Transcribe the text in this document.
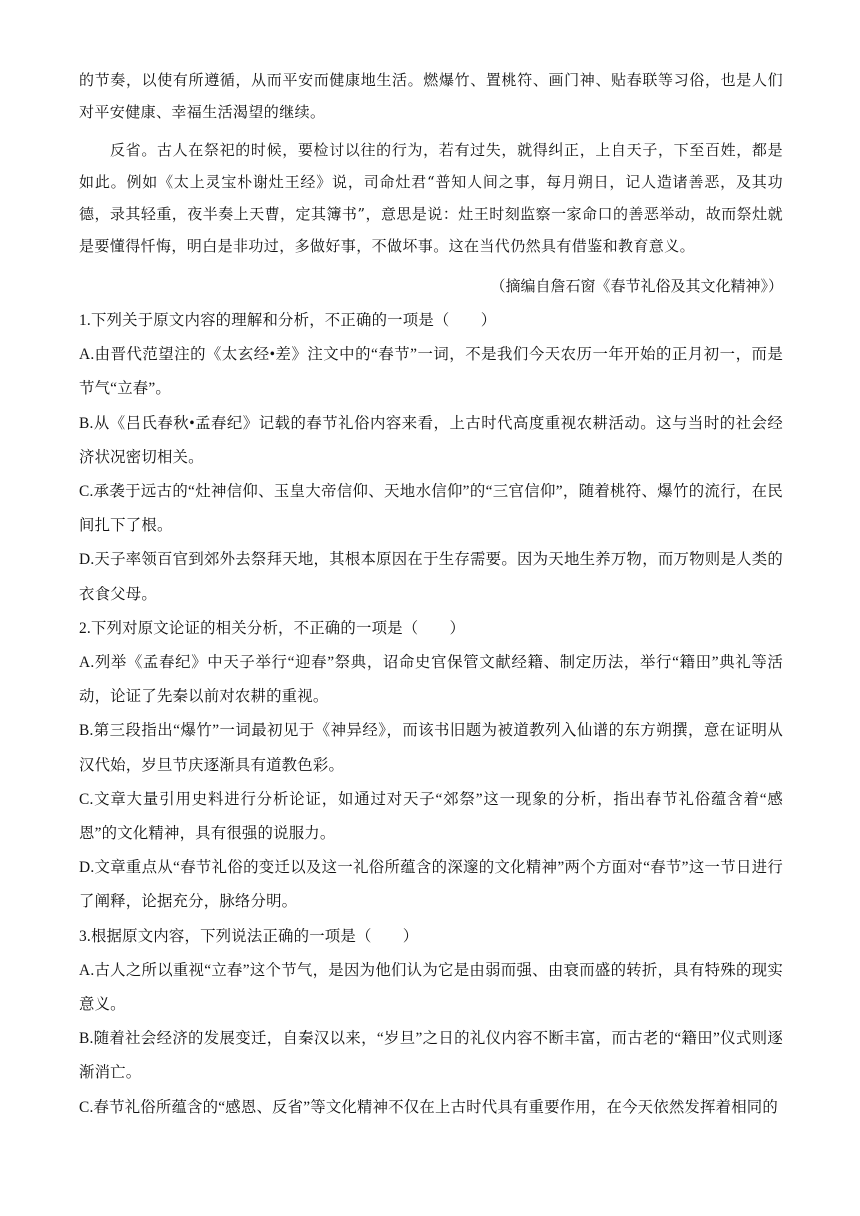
的节奏，以使有所遵循，从而平安而健康地生活。燃爆竹、置桃符、画门神、贴春联等习俗，也是人们对平安健康、幸福生活渴望的继续。

反省。古人在祭祀的时候，要检讨以往的行为，若有过失，就得纠正，上自天子，下至百姓，都是如此。例如《太上灵宝朴谢灶王经》说，司命灶君“普知人间之事，每月朔日，记人造诸善恶，及其功德，录其轻重，夜半奏上天曹，定其簿书”，意思是说：灶王时刻监察一家命口的善恶举动，故而祭灶就是要懂得忏悔，明白是非功过，多做好事，不做坏事。这在当代仍然具有借鉴和教育意义。

（摘编自詹石窗《春节礼俗及其文化精神》）

1.下列关于原文内容的理解和分析，不正确的一项是（　　）

A.由晋代范望注的《太玄经•差》注文中的“春节”一词，不是我们今天农历一年开始的正月初一，而是节气“立春”。

B.从《吕氏春秋•孟春纪》记载的春节礼俗内容来看，上古时代高度重视农耕活动。这与当时的社会经济状况密切相关。

C.承袭于远古的“灶神信仰、玉皇大帝信仰、天地水信仰”的“三官信仰”，随着桃符、爆竹的流行，在民间扎下了根。

D.天子率领百官到郊外去祭拜天地，其根本原因在于生存需要。因为天地生养万物，而万物则是人类的衣食父母。

2.下列对原文论证的相关分析，不正确的一项是（　　）

A.列举《孟春纪》中天子举行“迎春”祭典，诏命史官保管文献经籍、制定历法，举行“籍田”典礼等活动，论证了先秦以前对农耕的重视。

B.第三段指出“爆竹”一词最初见于《神异经》，而该书旧题为被道教列入仙谱的东方朔撰，意在证明从汉代始，岁旦节庆逐渐具有道教色彩。

C.文章大量引用史料进行分析论证，如通过对天子“郊祭”这一现象的分析，指出春节礼俗蕴含着“感恩”的文化精神，具有很强的说服力。

D.文章重点从“春节礼俗的变迁以及这一礼俗所蕴含的深邃的文化精神”两个方面对“春节”这一节日进行了阐释，论据充分，脉络分明。

3.根据原文内容，下列说法正确的一项是（　　）

A.古人之所以重视“立春”这个节气，是因为他们认为它是由弱而强、由衰而盛的转折，具有特殊的现实意义。

B.随着社会经济的发展变迁，自秦汉以来，“岁旦”之日的礼仪内容不断丰富，而古老的“籍田”仪式则逐渐消亡。

C.春节礼俗所蕴含的“感恩、反省”等文化精神不仅在上古时代具有重要作用，在今天依然发挥着相同的
